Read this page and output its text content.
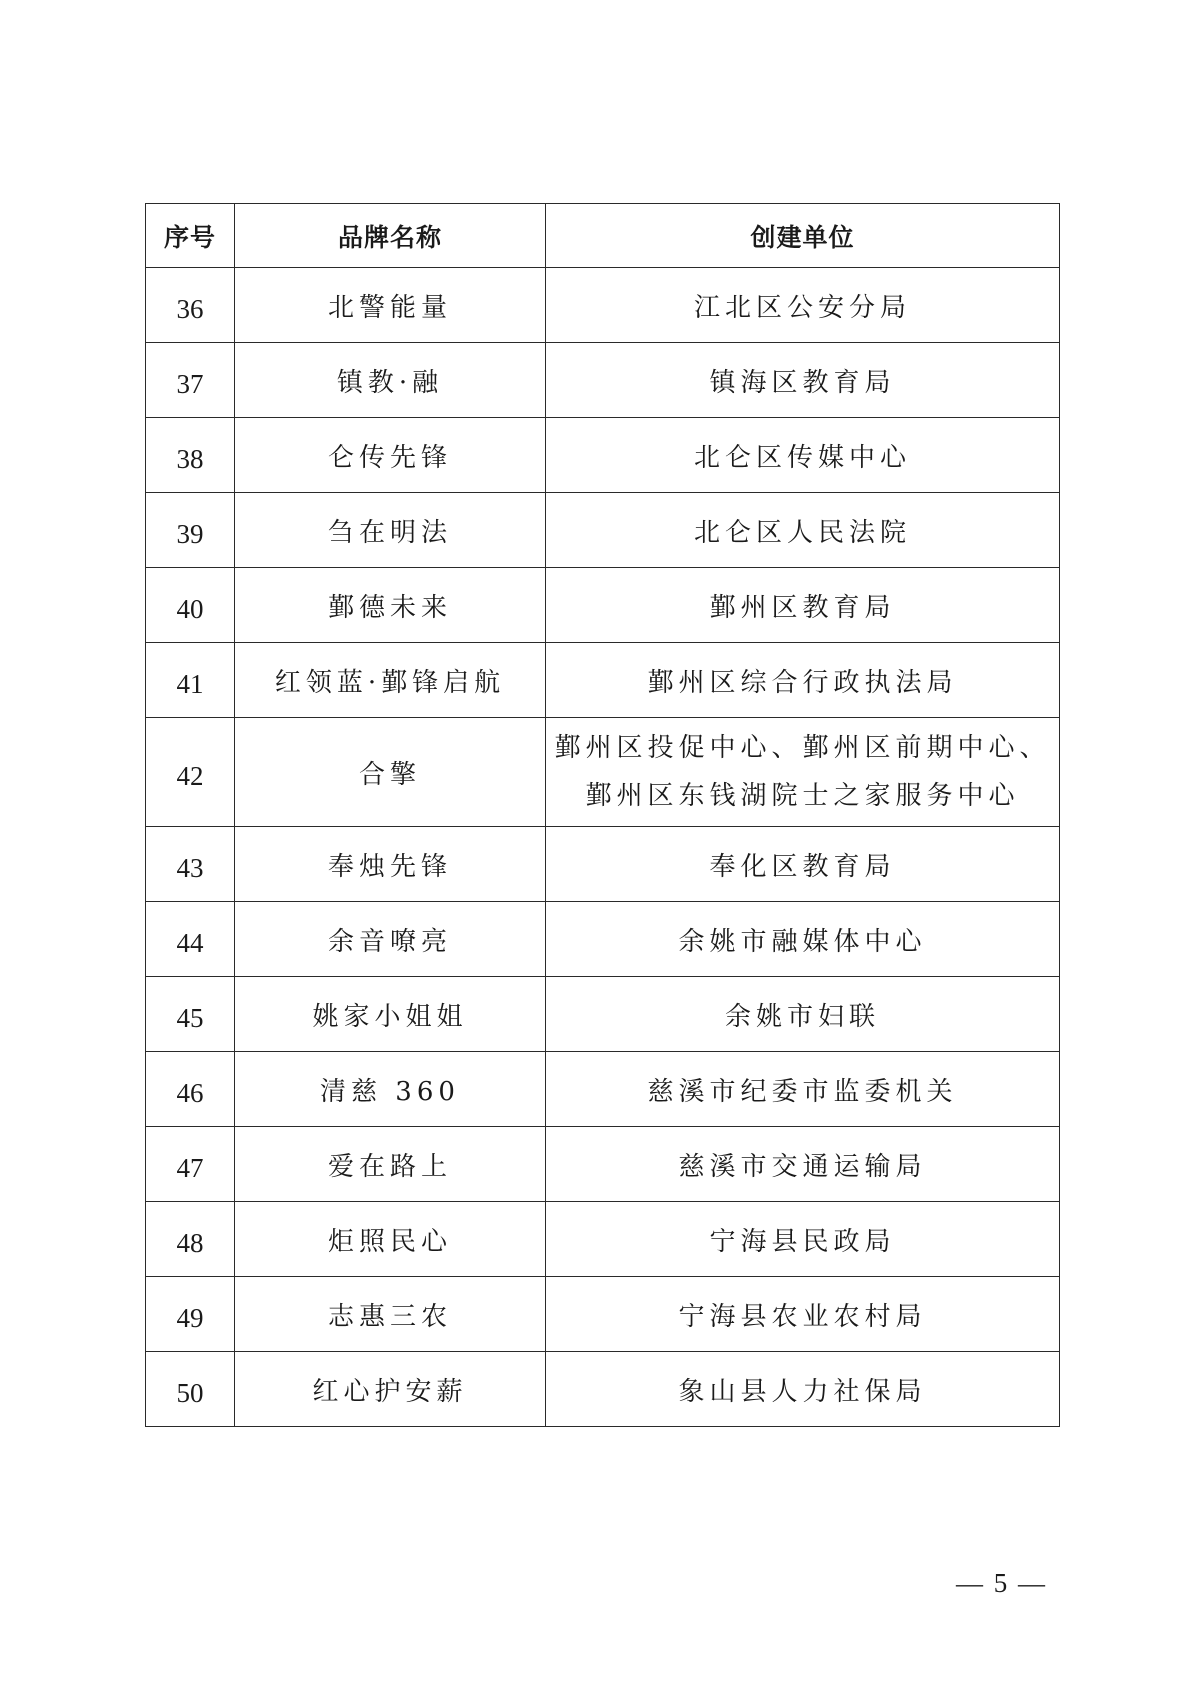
序号	品牌名称	创建单位
36	北警能量	江北区公安分局

37	镇教·融	镇海区教育局

38	仑传先锋	北仑区传媒中心

39	刍在明法	北仑区人民法院

40	鄞德未来	鄞州区教育局

41	红领蓝·鄞锋启航	鄞州区综合行政执法局

42	合擎	鄞州区投促中心、鄞州区前期中心、
鄞州区东钱湖院士之家服务中心

43	奉烛先锋	奉化区教育局

44	余音嘹亮	余姚市融媒体中心

45	姚家小姐姐	余姚市妇联

46	清慈 360	慈溪市纪委市监委机关

47	爱在路上	慈溪市交通运输局

48	炬照民心	宁海县民政局

49	志惠三农	宁海县农业农村局

50	红心护安薪	象山县人力社保局
— 5 —
